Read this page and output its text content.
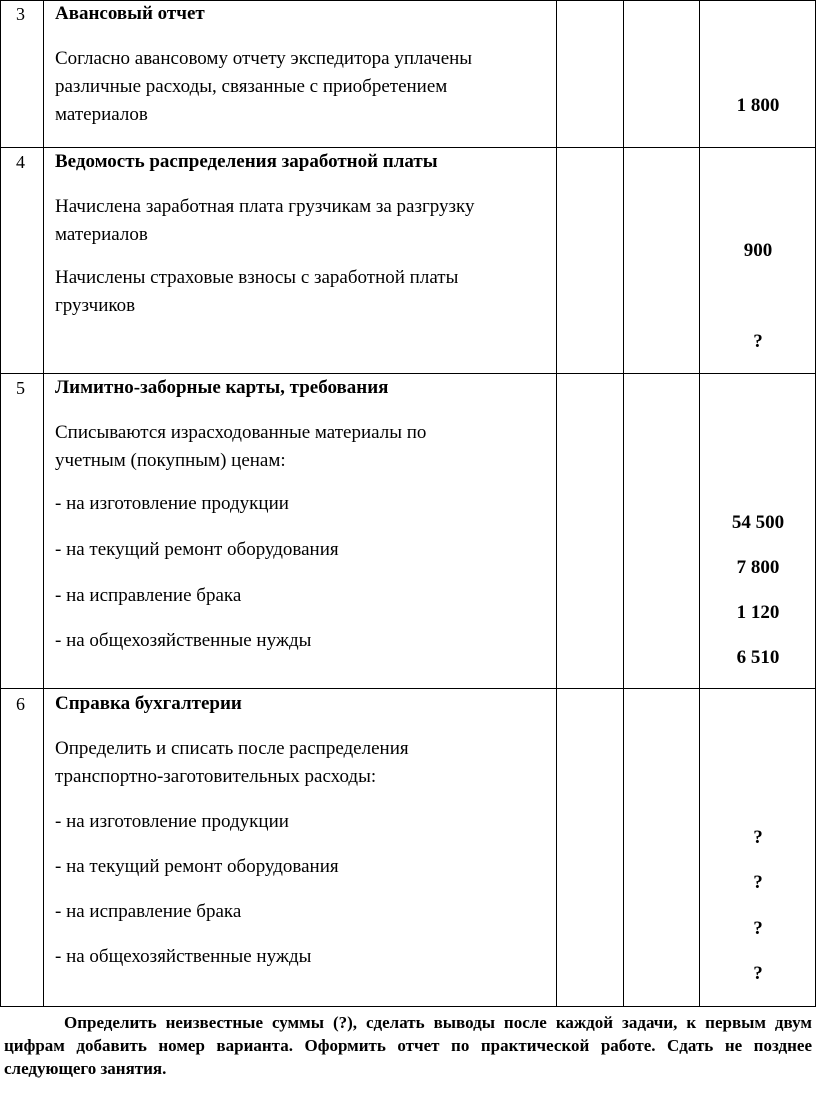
3 Авансовый отчет
Согласно авансовому отчету экспедитора уплачены
различные расходы, связанные с приобретением
материалов	1 800
4 Ведомость распределения заработной платы
Начислена заработная плата грузчикам за разгрузку
материалов
Начислены страховые взносы с заработной платы
грузчиков
900
?
5 Лимитно-заборные карты, требования
Списываются израсходованные материалы по
учетным (покупным) ценам:
- на изготовление продукции
- на текущий ремонт оборудования
- на исправление брака
- на общехозяйственные нужды
54 500
7 800
1 120
6 510
6 Справка бухгалтерии
Определить и списать после распределения
транспортно-заготовительных расходы:
- на изготовление продукции
- на текущий ремонт оборудования
- на исправление брака
- на общехозяйственные нужды
?
?
?
?
Определить неизвестные суммы (?), сделать выводы после каждой задачи, к первым двум цифрам добавить номер варианта. Оформить отчет по практической работе. Сдать не позднее следующего занятия.
